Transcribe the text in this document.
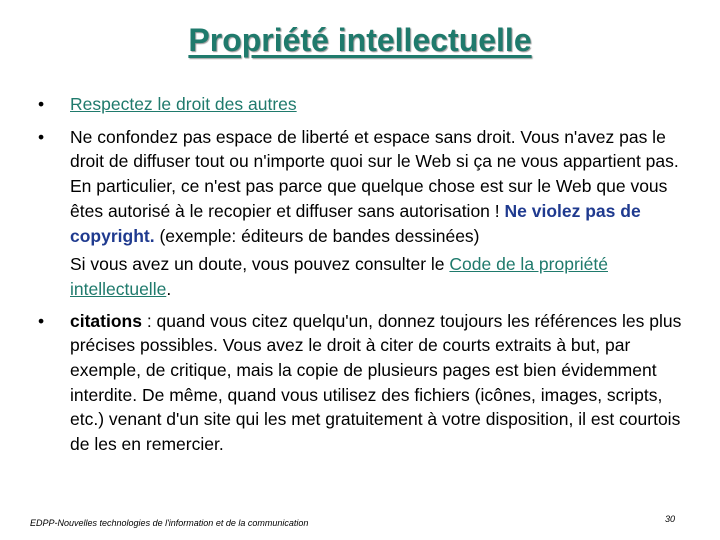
Propriété intellectuelle
•	Respectez le droit des autres

•	Ne confondez pas espace de liberté et espace sans droit. Vous n'avez pas le droit de diffuser tout ou n'importe quoi sur le Web si ça ne vous appartient pas. En particulier, ce n'est pas parce que quelque chose est sur le Web que vous êtes autorisé à le recopier et diffuser sans autorisation ! Ne violez pas de copyright. (exemple: éditeurs de bandes dessinées)

Si vous avez un doute, vous pouvez consulter le Code de la propriété intellectuelle.

•	citations : quand vous citez quelqu'un, donnez toujours les références les plus précises possibles. Vous avez le droit à citer de courts extraits à but, par exemple, de critique, mais la copie de plusieurs pages est bien évidemment interdite. De même, quand vous utilisez des fichiers (icônes, images, scripts, etc.) venant d'un site qui les met gratuitement à votre disposition, il est courtois de les en remercier.

EDPP-Nouvelles technologies de l'information et de la communication	30
